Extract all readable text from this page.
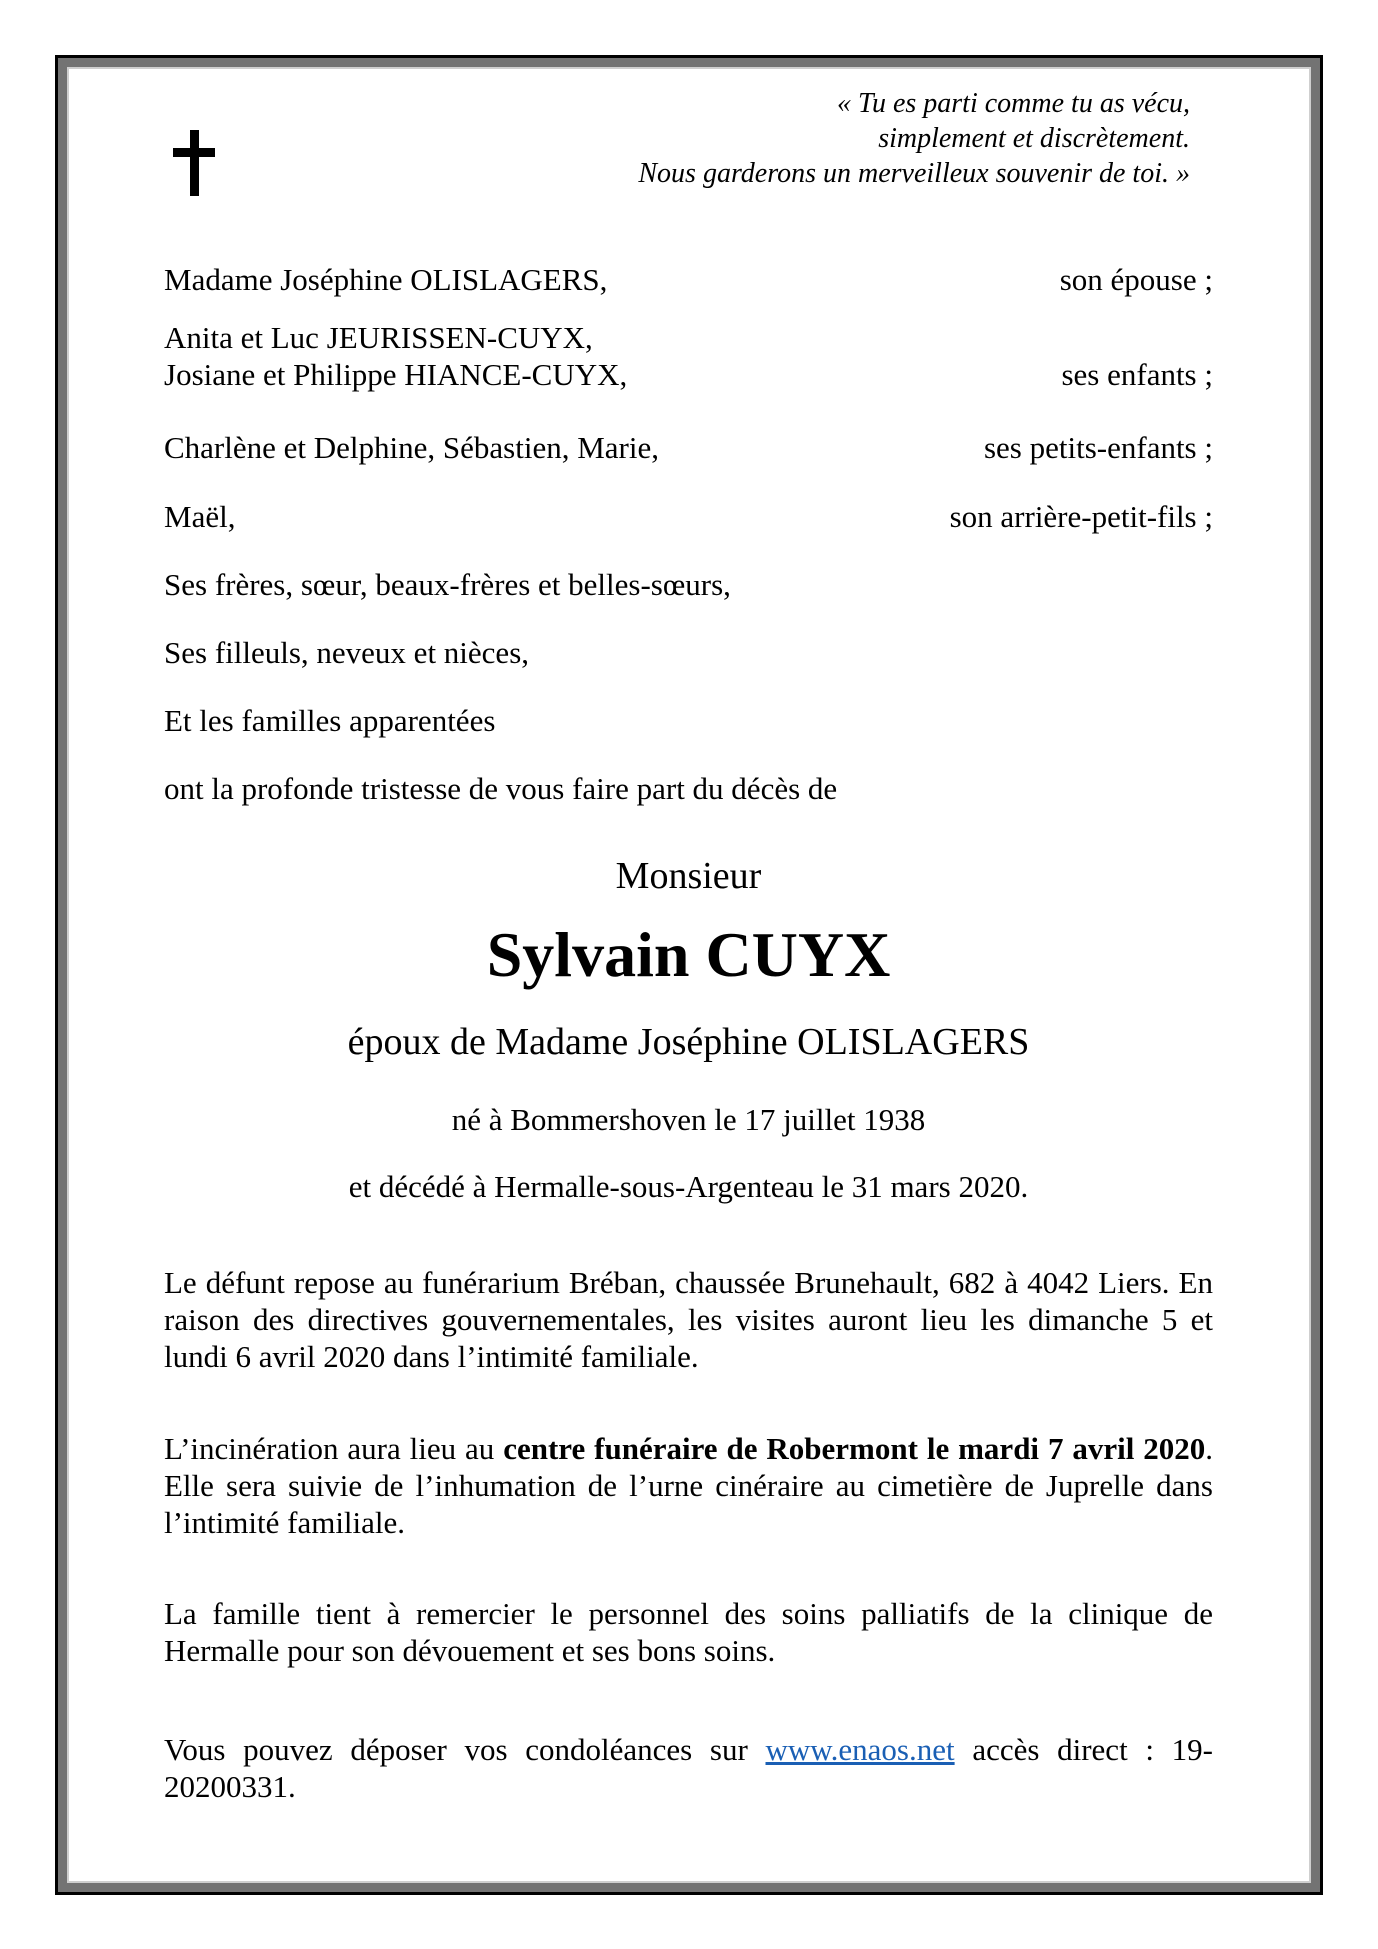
« Tu es parti comme tu as vécu,
simplement et discrètement.
Nous garderons un merveilleux souvenir de toi. »
Madame Joséphine OLISLAGERS,	son épouse ;
Anita et Luc JEURISSEN-CUYX,
Josiane et Philippe HIANCE-CUYX,	ses enfants ;
Charlène et Delphine, Sébastien, Marie,	ses petits-enfants ;
Maël,	son arrière-petit-fils ;
Ses frères, sœur, beaux-frères et belles-sœurs,
Ses filleuls, neveux et nièces,
Et les familles apparentées
ont la profonde tristesse de vous faire part du décès de
Monsieur
Sylvain CUYX
époux de Madame Joséphine OLISLAGERS
né à Bommershoven le 17 juillet 1938
et décédé à Hermalle-sous-Argenteau le 31 mars 2020.
Le défunt repose au funérarium Bréban, chaussée Brunehault, 682 à 4042 Liers. En raison des directives gouvernementales, les visites auront lieu les dimanche 5 et lundi 6 avril 2020 dans l’intimité familiale.
L’incinération aura lieu au centre funéraire de Robermont le mardi 7 avril 2020. Elle sera suivie de l’inhumation de l’urne cinéraire au cimetière de Juprelle dans l’intimité familiale.
La famille tient à remercier le personnel des soins palliatifs de la clinique de Hermalle pour son dévouement et ses bons soins.
Vous pouvez déposer vos condoléances sur www.enaos.net accès direct : 19-20200331.
